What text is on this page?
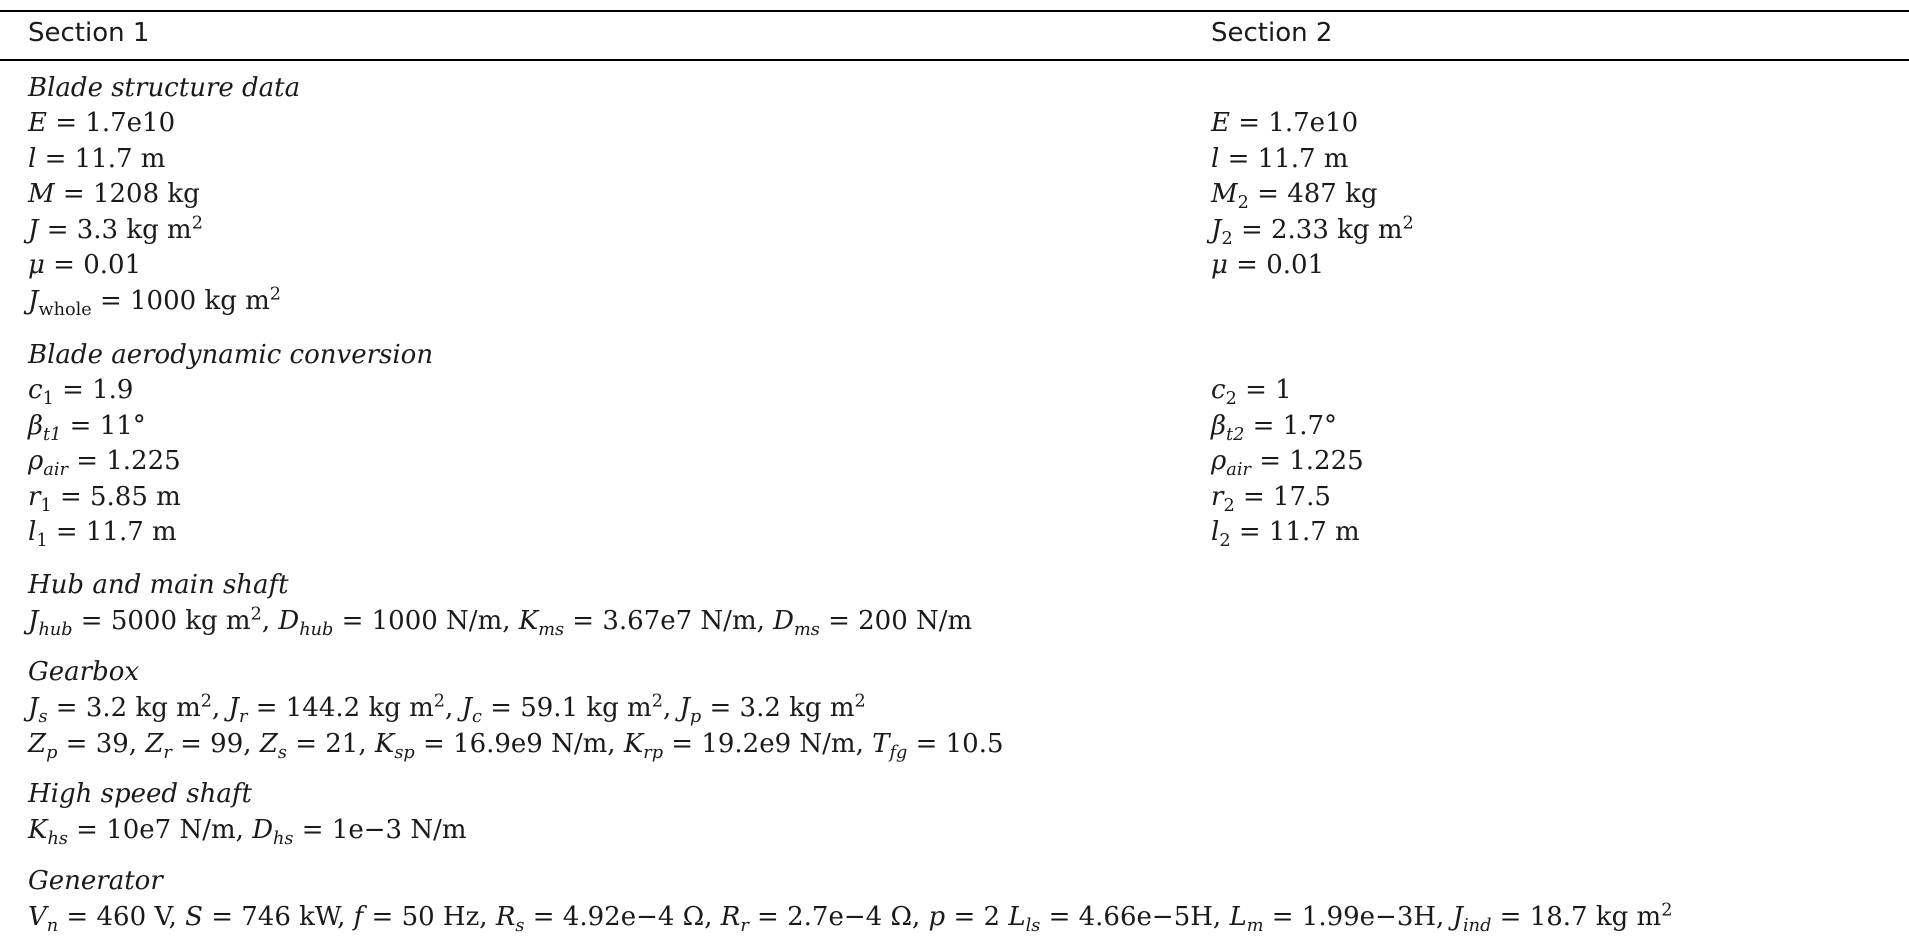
Section 1	Section 2
Blade structure data
E = 1.7e10
l = 11.7 m
M = 1208 kg
J = 3.3 kg $m^2$
μ = 0.01
$J_{whole} = 1000$ kg $m^2$
E = 1.7e10
l = 11.7 m
$M_2 = 487$ kg
$J_2 = 2.33$ kg $m^2$
μ = 0.01
Blade aerodynamic conversion
$c_1 = 1.9$
$\beta_{t1} = 11^\circ$
$\rho_{air} = 1.225$
$r_1 = 5.85$ m
$l_1 = 11.7$ m
$c_2 = 1$
$\beta_{t2} = 1.7^\circ$
$\rho_{air} = 1.225$
$r_2 = 17.5$
$l_2 = 11.7$ m
Hub and main shaft
$J_{hub} = 5000$ kg $m^2$, $D_{hub} = 1000$ N/m, $K_{ms} = 3.67e7$ N/m, $D_{ms} = 200$ N/m
Gearbox
$J_s = 3.2$ kg $m^2$, $J_r = 144.2$ kg $m^2$, $J_c = 59.1$ kg $m^2$, $J_p = 3.2$ kg $m^2$
$Z_p = 39$, $Z_r = 99$, $Z_s = 21$, $K_{sp} = 16.9e9$ N/m, $K_{rp} = 19.2e9$ N/m, $T_{fg} = 10.5$
High speed shaft
$K_{hs} = 10e7$ N/m, $D_{hs} = 1e-3$ N/m
Generator
$V_n = 460$ V, S = 746 kW, f = 50 Hz, $R_s = 4.92e-4$ Ω, $R_r = 2.7e-4$ Ω, p = 2 $L_{ls} = 4.66e-5H$, $L_m = 1.99e-3H$, $J_{ind} = 18.7$ kg $m^2$
